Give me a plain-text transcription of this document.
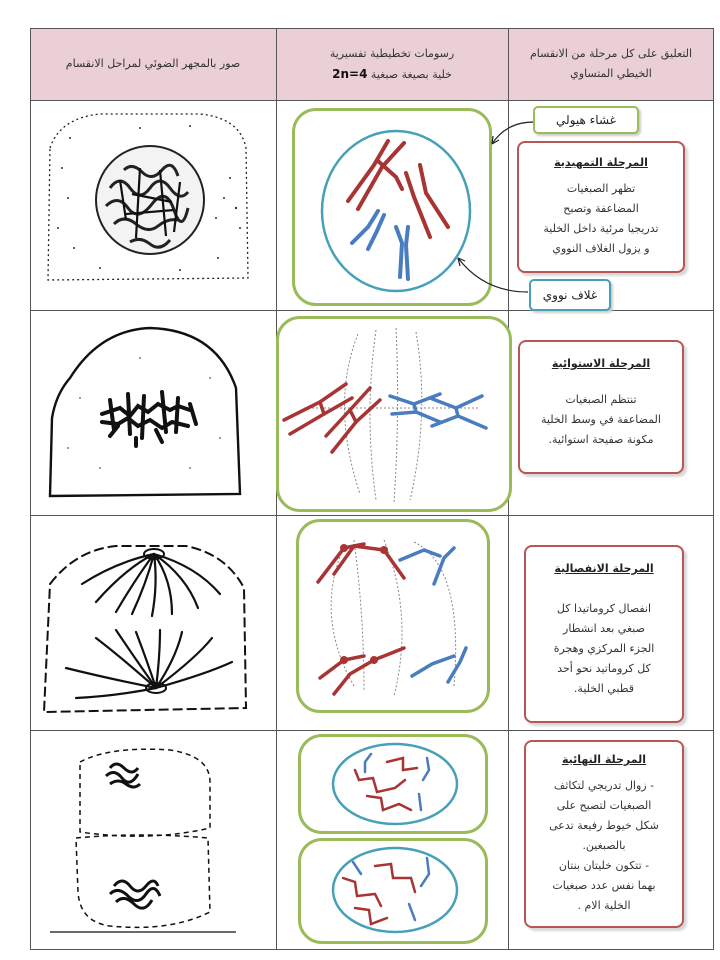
صور بالمجهر الضوئي لمراحل الانقسام
رسومات تخطيطية تفسيرية
خلية بصيغة صبغية 2n=4
التعليق على كل مرحلة من الانقسام الخيطي المتساوي
غشاء هيولي
غلاف نووي
المرحلة التمهيدية
تظهر الصبغيات
المضاعفة وتصبح
تدريجيا مرئية داخل الخلية
و يزول الغلاف النووي
المرحلة الاستوائية
تنتظم الصبغيات
المضاعفة في وسط الخلية
مكونة صفيحة استوائية.
المرحلة الانفصالية
انفصال كروماتيدا كل
صبغي بعد انشطار
الجزء المركزي وهجرة
كل كروماتيد نحو أحد
قطبي الخلية.
المرحلة النهائية
- زوال تدريجي لتكاثف
الصبغيات لتصبح على
شكل خيوط رفيعة تدعى
بالصبغين.
- تتكون خليتان بنتان
بهما نفس عدد صبغيات
الخلية الام .
